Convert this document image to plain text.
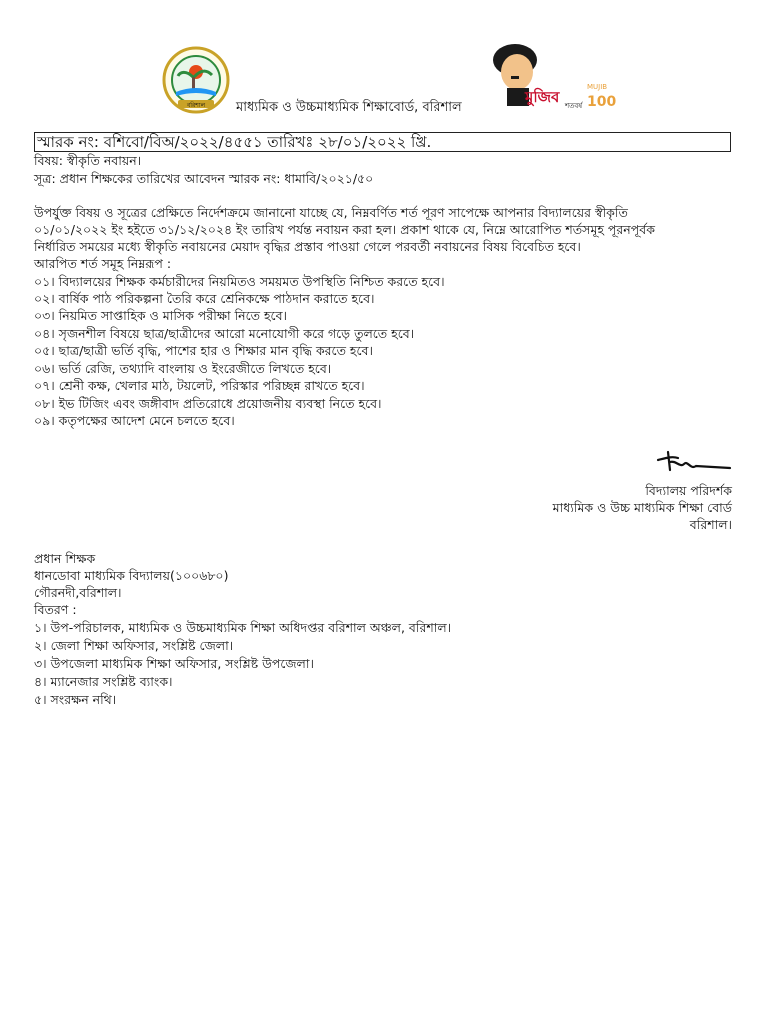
বরিশাল মাধ্যমিক ও উচ্চমাধ্যমিক শিক্ষাবোর্ড, বরিশাল
মুজিব শতবর্ষ
MUJIB
100
স্মারক নং: বশিবো/বিঅ/২০২২/৪৫৫১ তারিখঃ ২৮/০১/২০২২ খ্রি.
বিষয়: স্বীকৃতি নবায়ন।
সূত্র: প্রধান শিক্ষকের তারিখের আবেদন স্মারক নং: ধামাবি/২০২১/৫০
উপর্যুক্ত বিষয় ও সূত্রের প্রেক্ষিতে নির্দেশক্রমে জানানো যাচ্ছে যে, নিম্নবর্ণিত শর্ত পূরণ সাপেক্ষে আপনার বিদ্যালয়ের স্বীকৃতি
০১/০১/২০২২ ইং হইতে ৩১/১২/২০২৪ ইং তারিখ পর্যন্ত নবায়ন করা হল। প্রকাশ থাকে যে, নিম্নে আরোপিত শর্তসমূহ পূরনপূর্বক
নির্ধারিত সময়ের মধ্যে স্বীকৃতি নবায়নের মেয়াদ বৃদ্ধির প্রস্তাব পাওয়া গেলে পরবর্তী নবায়নের বিষয় বিবেচিত হবে।
আরপিত শর্ত সমূহ নিম্নরূপ :
০১। বিদ্যালয়ের শিক্ষক কর্মচারীদের নিয়মিতও সময়মত উপস্থিতি নিশ্চিত করতে হবে।
০২। বার্ষিক পাঠ পরিকল্পনা তৈরি করে শ্রেনিকক্ষে পাঠদান করাতে হবে।
০৩। নিয়মিত সাপ্তাহিক ও মাসিক পরীক্ষা নিতে হবে।
০৪। সৃজনশীল বিষয়ে ছাত্র/ছাত্রীদের আরো মনোযোগী করে গড়ে তুলতে হবে।
০৫। ছাত্র/ছাত্রী ভর্তি বৃদ্ধি, পাশের হার ও শিক্ষার মান বৃদ্ধি করতে হবে।
০৬। ভর্তি রেজি, তথ্যাদি বাংলায় ও ইংরেজীতে লিখতে হবে।
০৭। শ্রেনী কক্ষ, খেলার মাঠ, টয়লেট, পরিস্কার পরিচ্ছন্ন রাখতে হবে।
০৮। ইভ টিজিং এবং জঙ্গীবাদ প্রতিরোধে প্রয়োজনীয় ব্যবস্থা নিতে হবে।
০৯। কতৃপক্ষের আদেশ মেনে চলতে হবে।
বিদ্যালয় পরিদর্শক
মাধ্যমিক ও উচ্চ মাধ্যমিক শিক্ষা বোর্ড
বরিশাল।
প্রধান শিক্ষক
ধানডোবা মাধ্যমিক বিদ্যালয়(১০০৬৮০)
গৌরনদী,বরিশাল।
বিতরণ :
১। উপ-পরিচালক, মাধ্যমিক ও উচ্চমাধ্যমিক শিক্ষা অধিদপ্তর বরিশাল অঞ্চল, বরিশাল।
২। জেলা শিক্ষা অফিসার, সংশ্লিষ্ট জেলা।
৩। উপজেলা মাধ্যমিক শিক্ষা অফিসার, সংশ্লিষ্ট উপজেলা।
৪। ম্যানেজার সংশ্লিষ্ট ব্যাংক।
৫। সংরক্ষন নথি।
